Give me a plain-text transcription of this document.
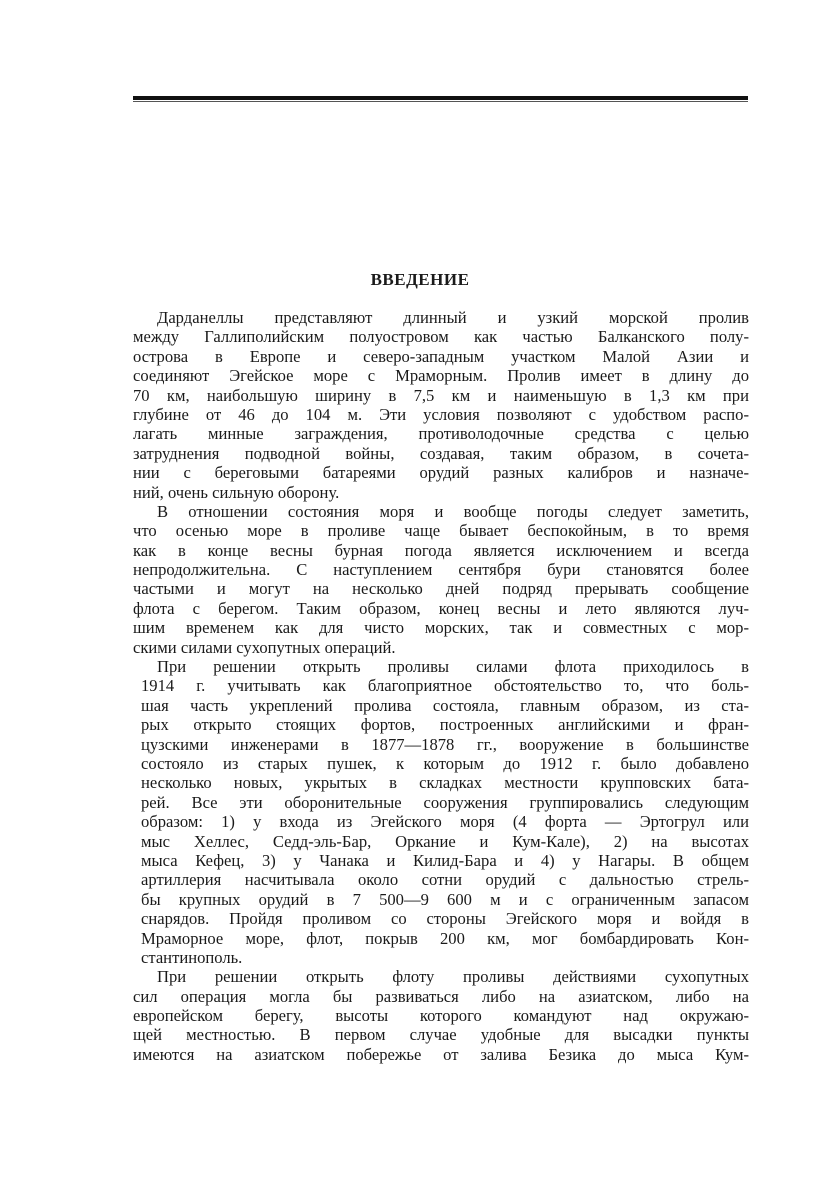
ВВЕДЕНИЕ
Дарданеллы представляют длинный и узкий морской пролив
между Галлиполийским полуостровом как частью Балканского полу-
острова в Европе и северо-западным участком Малой Азии и
соединяют Эгейское море с Мраморным. Пролив имеет в длину до
70 км, наибольшую ширину в 7,5 км и наименьшую в 1,3 км при
глубине от 46 до 104 м. Эти условия позволяют с удобством распо-
лагать минные заграждения, противолодочные средства с целью
затруднения подводной войны, создавая, таким образом, в сочета-
нии с береговыми батареями орудий разных калибров и назначе-
ний, очень сильную оборону.
В отношении состояния моря и вообще погоды следует заметить,
что осенью море в проливе чаще бывает беспокойным, в то время
как в конце весны бурная погода является исключением и всегда
непродолжительна. С наступлением сентября бури становятся более
частыми и могут на несколько дней подряд прерывать сообщение
флота с берегом. Таким образом, конец весны и лето являются луч-
шим временем как для чисто морских, так и совместных с мор-
скими силами сухопутных операций.
При решении открыть проливы силами флота приходилось в
1914 г. учитывать как благоприятное обстоятельство то, что боль-
шая часть укреплений пролива состояла, главным образом, из ста-
рых открыто стоящих фортов, построенных английскими и фран-
цузскими инженерами в 1877—1878 гг., вооружение в большинстве
состояло из старых пушек, к которым до 1912 г. было добавлено
несколько новых, укрытых в складках местности крупповских бата-
рей. Все эти оборонительные сооружения группировались следующим
образом: 1) у входа из Эгейского моря (4 форта — Эртогрул или
мыс Хеллес, Седд-эль-Бар, Оркание и Кум-Кале), 2) на высотах
мыса Кефец, 3) у Чанака и Килид-Бара и 4) у Нагары. В общем
артиллерия насчитывала около сотни орудий с дальностью стрель-
бы крупных орудий в 7 500—9 600 м и с ограниченным запасом
снарядов. Пройдя проливом со стороны Эгейского моря и войдя в
Мраморное море, флот, покрыв 200 км, мог бомбардировать Кон-
стантинополь.
При решении открыть флоту проливы действиями сухопутных
сил операция могла бы развиваться либо на азиатском, либо на
европейском берегу, высоты которого командуют над окружаю-
щей местностью. В первом случае удобные для высадки пункты
имеются на азиатском побережье от залива Безика до мыса Кум-
